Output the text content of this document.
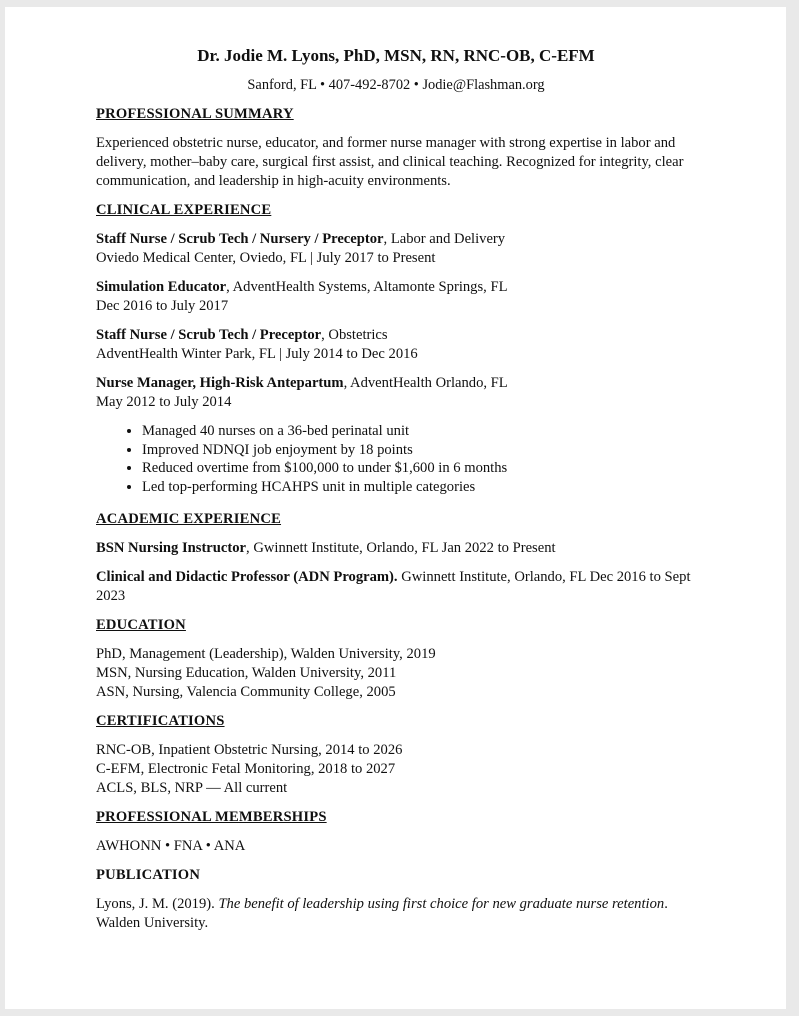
Dr. Jodie M. Lyons, PhD, MSN, RN, RNC-OB, C-EFM
Sanford, FL • 407-492-8702 • Jodie@Flashman.org
PROFESSIONAL SUMMARY

Experienced obstetric nurse, educator, and former nurse manager with strong expertise in labor and delivery, mother–baby care, surgical first assist, and clinical teaching. Recognized for integrity, clear communication, and leadership in high-acuity environments.

CLINICAL EXPERIENCE

Staff Nurse / Scrub Tech / Nursery / Preceptor, Labor and Delivery

Oviedo Medical Center, Oviedo, FL | July 2017 to Present

Simulation Educator, AdventHealth Systems, Altamonte Springs, FL

Dec 2016 to July 2017

Staff Nurse / Scrub Tech / Preceptor, Obstetrics

AdventHealth Winter Park, FL | July 2014 to Dec 2016

Nurse Manager, High-Risk Antepartum, AdventHealth Orlando, FL

May 2012 to July 2014

• Managed 40 nurses on a 36-bed perinatal unit
• Improved NDNQI job enjoyment by 18 points
• Reduced overtime from $100,000 to under $1,600 in 6 months
• Led top-performing HCAHPS unit in multiple categories
ACADEMIC EXPERIENCE

BSN Nursing Instructor, Gwinnett Institute, Orlando, FL Jan 2022 to Present

Clinical and Didactic Professor (ADN Program). Gwinnett Institute, Orlando, FL Dec 2016 to Sept 2023

EDUCATION

PhD, Management (Leadership), Walden University, 2019

MSN, Nursing Education, Walden University, 2011

ASN, Nursing, Valencia Community College, 2005

CERTIFICATIONS

RNC-OB, Inpatient Obstetric Nursing, 2014 to 2026

C-EFM, Electronic Fetal Monitoring, 2018 to 2027

ACLS, BLS, NRP — All current

PROFESSIONAL MEMBERSHIPS

AWHONN • FNA • ANA

PUBLICATION

Lyons, J. M. (2019). The benefit of leadership using first choice for new graduate nurse retention. Walden University.
